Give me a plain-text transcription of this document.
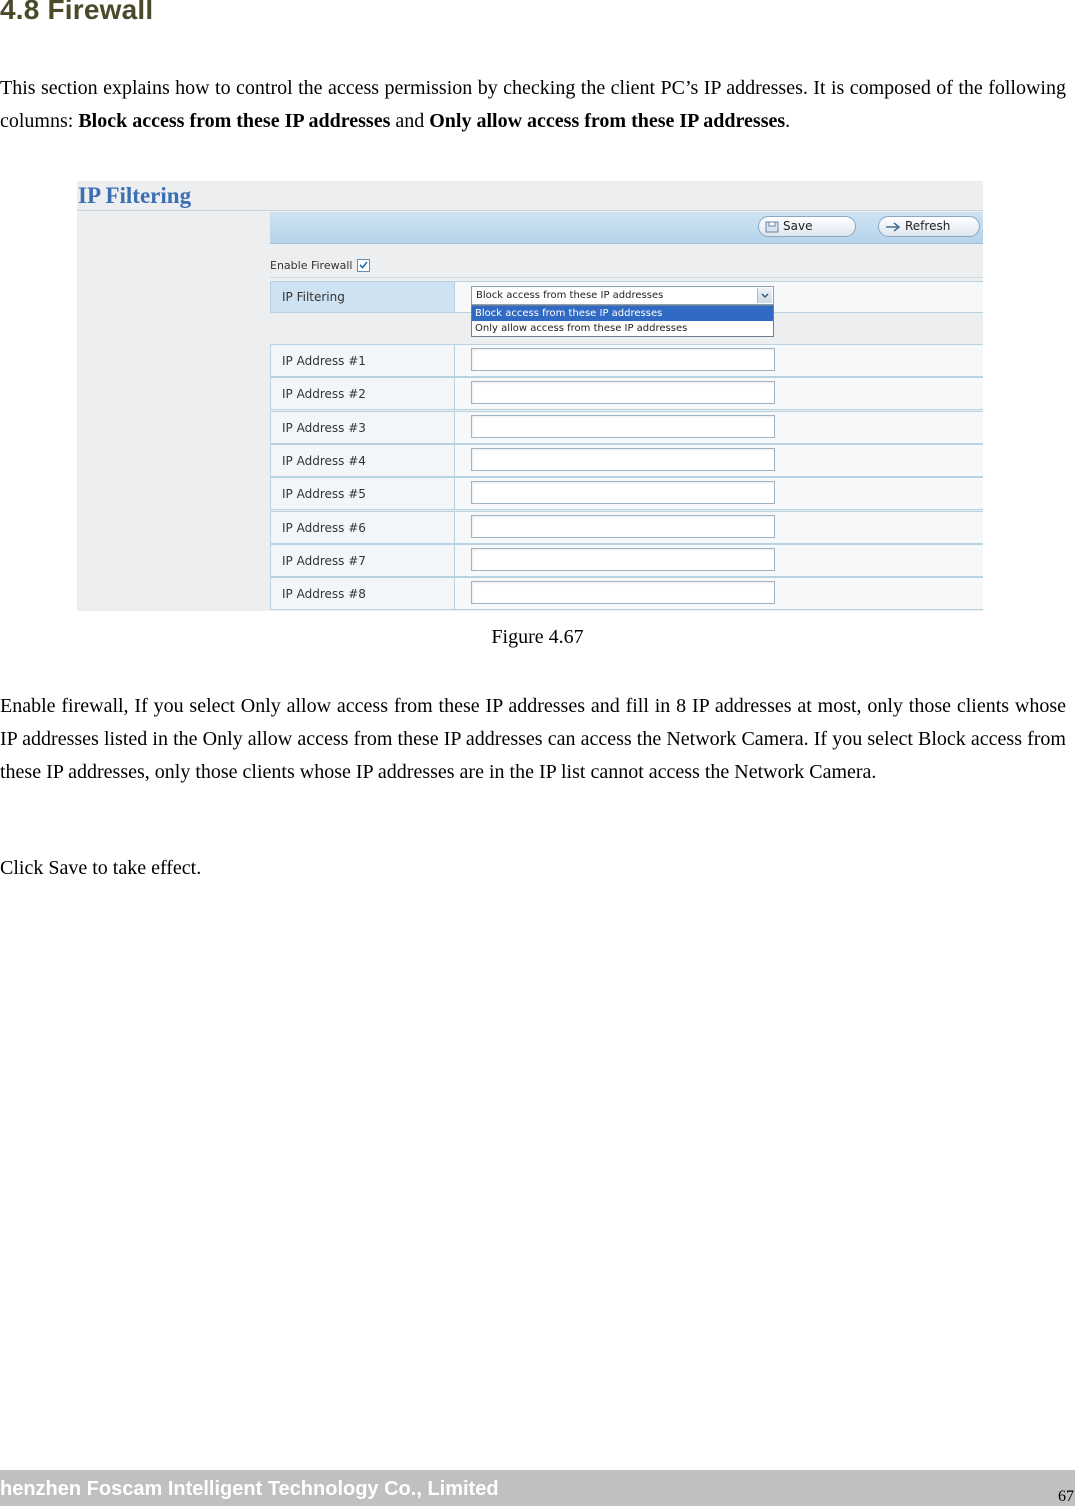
4.8 Firewall

This section explains how to control the access permission by checking the client PC’s IP addresses. It is composed of the following columns: Block access from these IP addresses and Only allow access from these IP addresses.

IP Filtering
Save	Refresh
Enable Firewall
IP Filtering	Block access from these IP addresses
Block access from these IP addresses
Only allow access from these IP addresses
IP Address #1
IP Address #2
IP Address #3
IP Address #4
IP Address #5
IP Address #6
IP Address #7
IP Address #8
Figure 4.67

Enable firewall, If you select Only allow access from these IP addresses and fill in 8 IP addresses at most, only those clients whose IP addresses listed in the Only allow access from these IP addresses can access the Network Camera. If you select Block access from these IP addresses, only those clients whose IP addresses are in the IP list cannot access the Network Camera.

Click Save to take effect.

henzhen Foscam Intelligent Technology Co., Limited	67
